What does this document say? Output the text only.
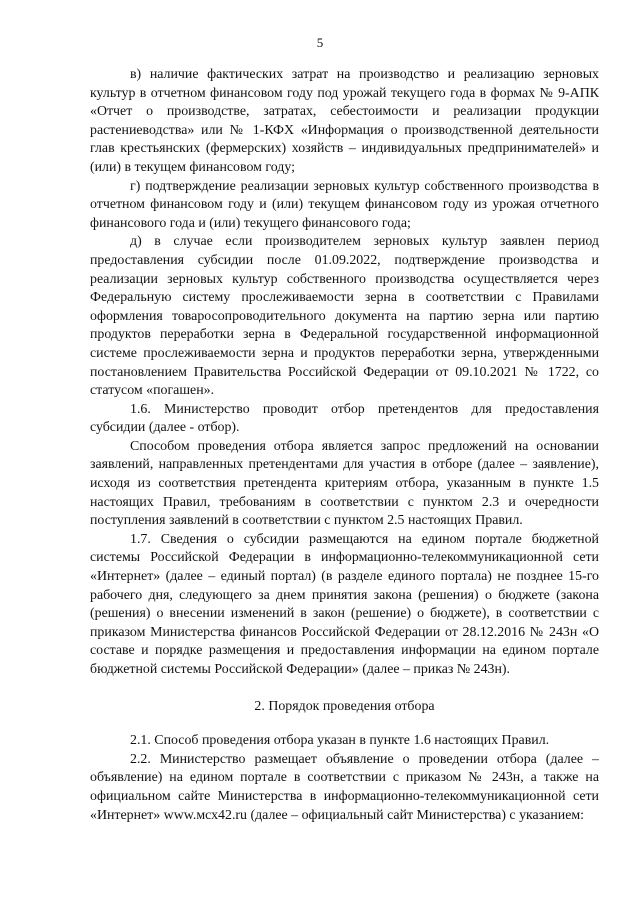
5

в) наличие фактических затрат на производство и реализацию зерновых культур в отчетном финансовом году под урожай текущего года в формах № 9-АПК «Отчет о производстве, затратах, себестоимости и реализации продукции растениеводства» или № 1-КФХ «Информация о производственной деятельности глав крестьянских (фермерских) хозяйств – индивидуальных предпринимателей» и (или) в текущем финансовом году;

г) подтверждение реализации зерновых культур собственного производства в отчетном финансовом году и (или) текущем финансовом году из урожая отчетного финансового года и (или) текущего финансового года;

д) в случае если производителем зерновых культур заявлен период предоставления субсидии после 01.09.2022, подтверждение производства и реализации зерновых культур собственного производства осуществляется через Федеральную систему прослеживаемости зерна в соответствии с Правилами оформления товаросопроводительного документа на партию зерна или партию продуктов переработки зерна в Федеральной государственной информационной системе прослеживаемости зерна и продуктов переработки зерна, утвержденными постановлением Правительства Российской Федерации от 09.10.2021 № 1722, со статусом «погашен».

1.6. Министерство проводит отбор претендентов для предоставления субсидии (далее - отбор).

Способом проведения отбора является запрос предложений на основании заявлений, направленных претендентами для участия в отборе (далее – заявление), исходя из соответствия претендента критериям отбора, указанным в пункте 1.5 настоящих Правил, требованиям в соответствии с пунктом 2.3 и очередности поступления заявлений в соответствии с пунктом 2.5 настоящих Правил.

1.7. Сведения о субсидии размещаются на едином портале бюджетной системы Российской Федерации в информационно-телекоммуникационной сети «Интернет» (далее – единый портал) (в разделе единого портала) не позднее 15-го рабочего дня, следующего за днем принятия закона (решения) о бюджете (закона (решения) о внесении изменений в закон (решение) о бюджете), в соответствии с приказом Министерства финансов Российской Федерации от 28.12.2016 № 243н «О составе и порядке размещения и предоставления информации на едином портале бюджетной системы Российской Федерации» (далее – приказ № 243н).

2. Порядок проведения отбора

2.1. Способ проведения отбора указан в пункте 1.6 настоящих Правил.

2.2. Министерство размещает объявление о проведении отбора (далее – объявление) на едином портале в соответствии с приказом № 243н, а также на официальном сайте Министерства в информационно-телекоммуникационной сети «Интернет» www.мсх42.ru (далее – официальный сайт Министерства) с указанием:
